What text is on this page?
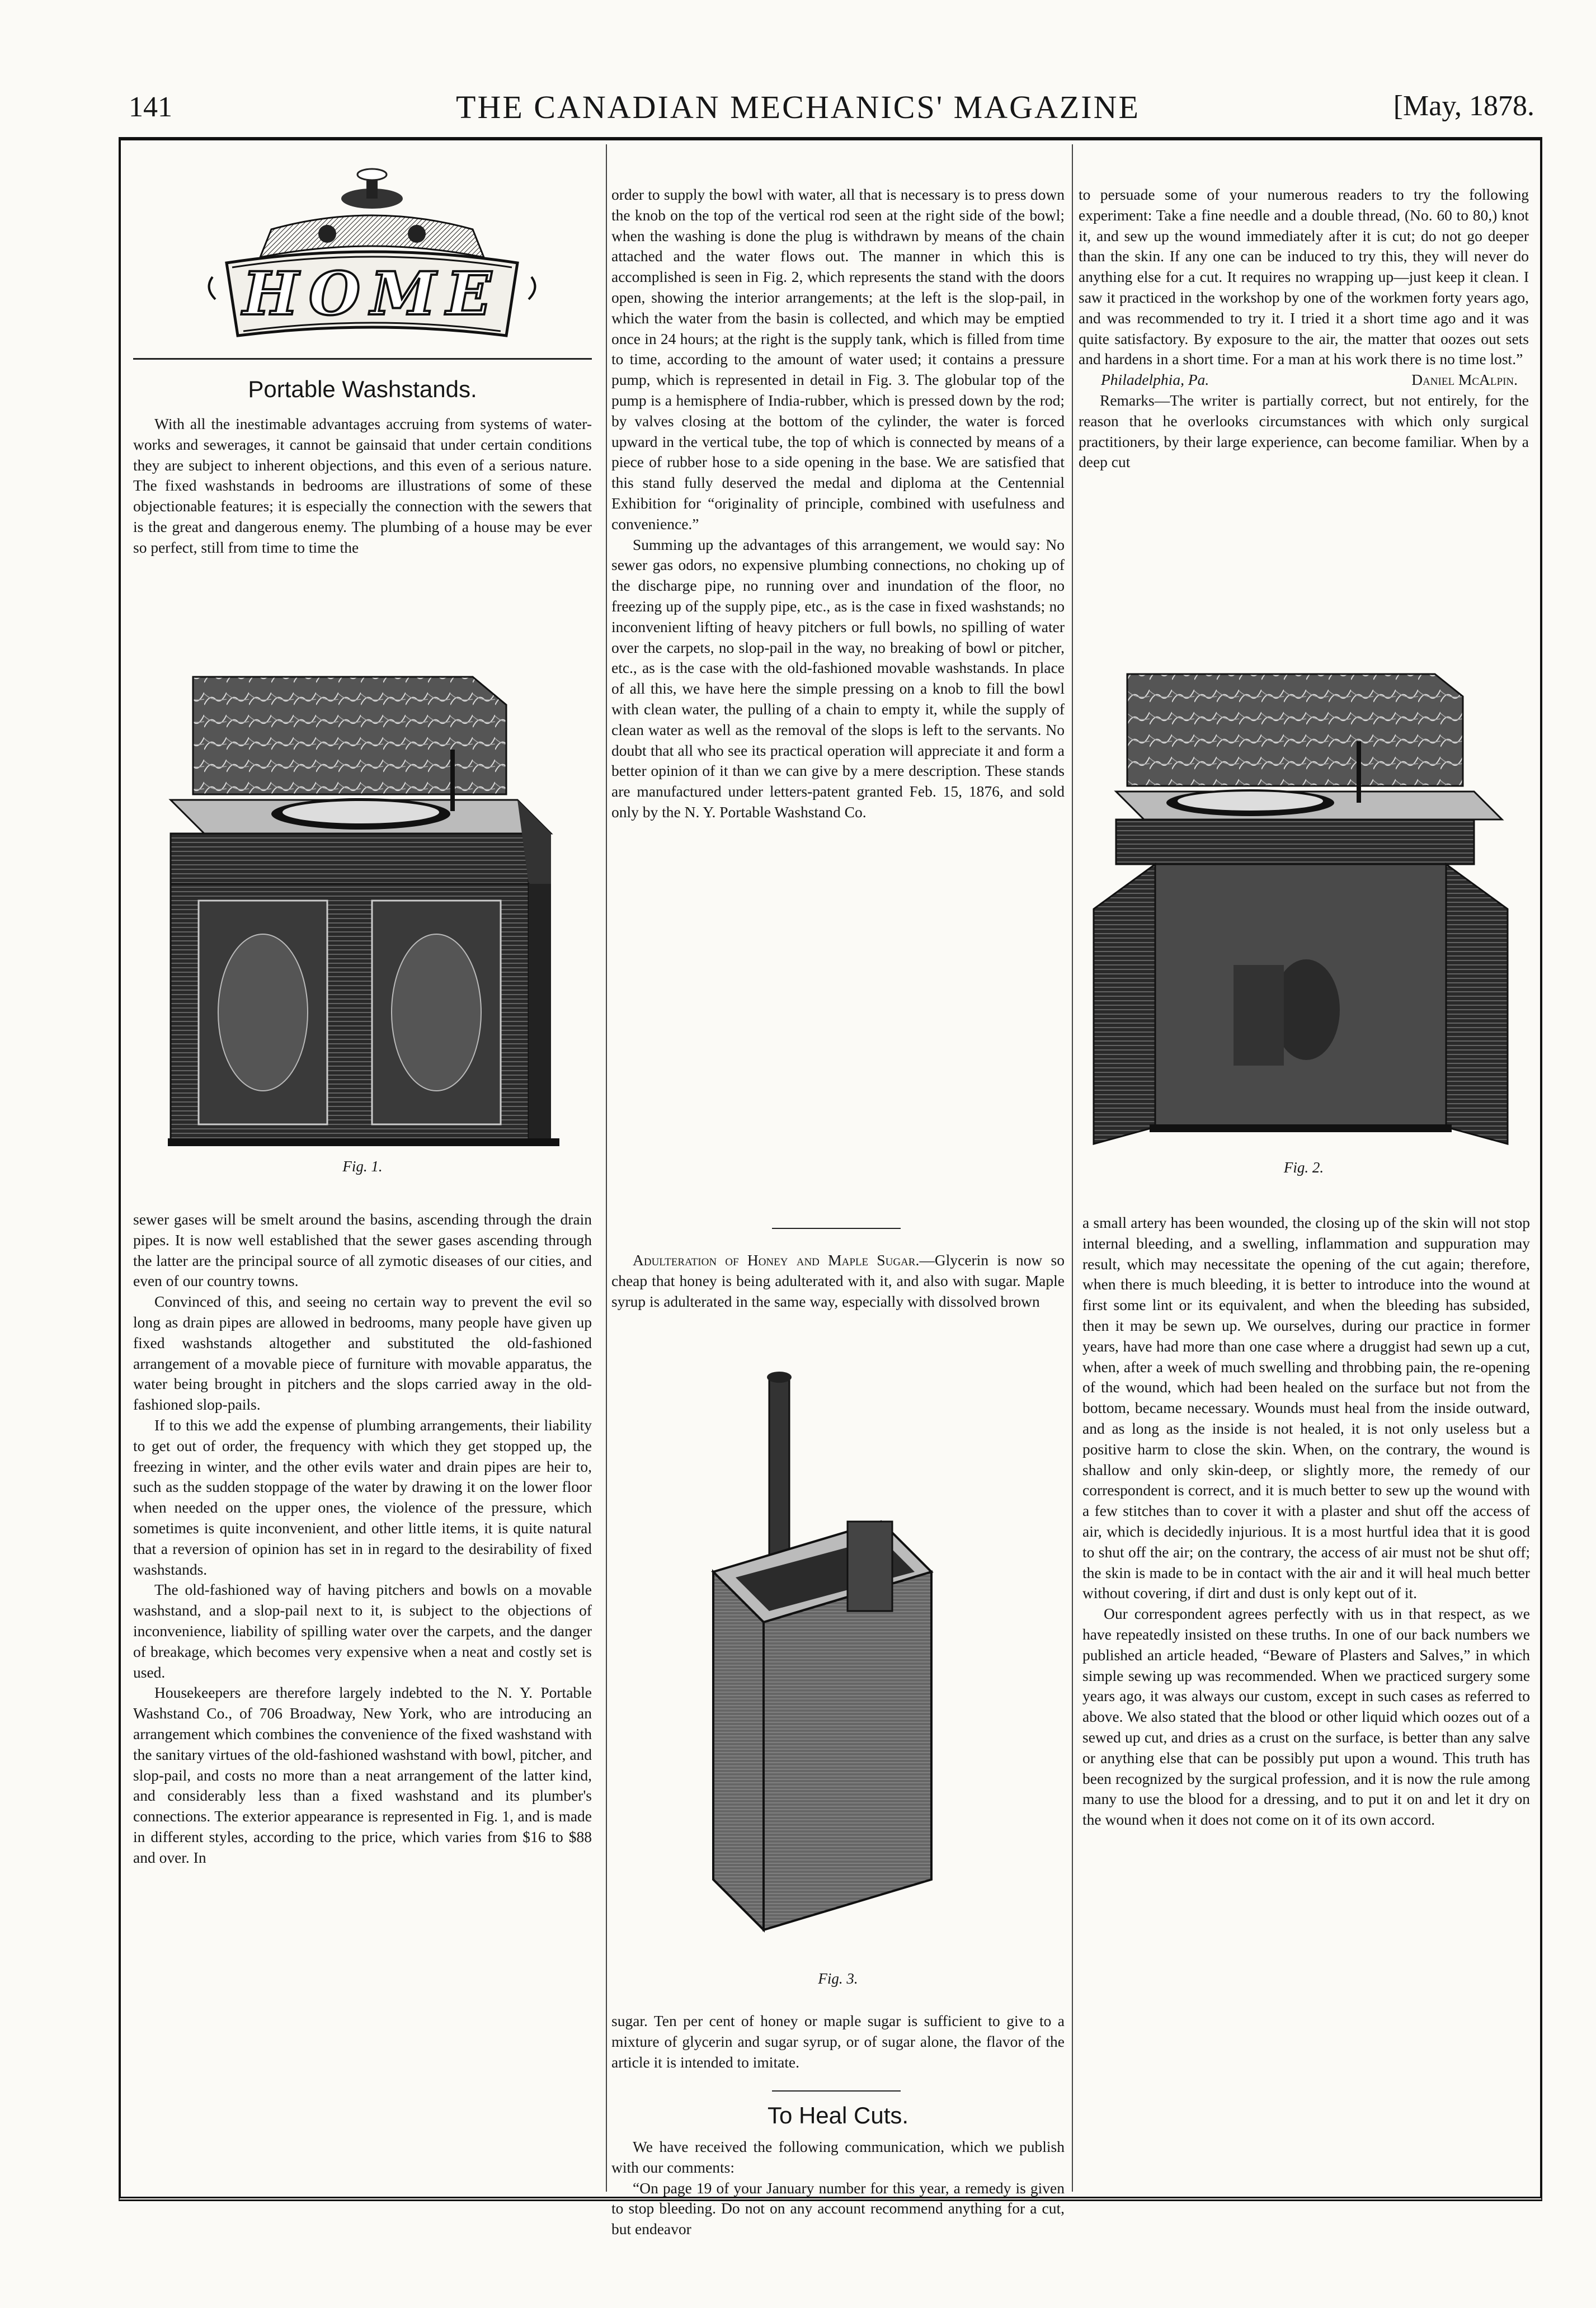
141	THE CANADIAN MECHANICS' MAGAZINE	[May, 1878.
HOME
Portable Washstands.

With all the inestimable advantages accruing from systems of water-works and sewerages, it cannot be gainsaid that under certain conditions they are subject to inherent objections, and this even of a serious nature. The fixed washstands in bedrooms are illustrations of some of these objectionable features; it is especially the connection with the sewers that is the great and dangerous enemy. The plumbing of a house may be ever so perfect, still from time to time the

Fig. 1.

sewer gases will be smelt around the basins, ascending through the drain pipes. It is now well established that the sewer gases ascending through the latter are the principal source of all zymotic diseases of our cities, and even of our country towns.

Convinced of this, and seeing no certain way to prevent the evil so long as drain pipes are allowed in bedrooms, many people have given up fixed washstands altogether and substituted the old-fashioned arrangement of a movable piece of furniture with movable apparatus, the water being brought in pitchers and the slops carried away in the old-fashioned slop-pails.

If to this we add the expense of plumbing arrangements, their liability to get out of order, the frequency with which they get stopped up, the freezing in winter, and the other evils water and drain pipes are heir to, such as the sudden stoppage of the water by drawing it on the lower floor when needed on the upper ones, the violence of the pressure, which sometimes is quite inconvenient, and other little items, it is quite natural that a reversion of opinion has set in in regard to the desirability of fixed washstands.

The old-fashioned way of having pitchers and bowls on a movable washstand, and a slop-pail next to it, is subject to the objections of inconvenience, liability of spilling water over the carpets, and the danger of breakage, which becomes very expensive when a neat and costly set is used.

Housekeepers are therefore largely indebted to the N. Y. Portable Washstand Co., of 706 Broadway, New York, who are introducing an arrangement which combines the convenience of the fixed washstand with the sanitary virtues of the old-fashioned washstand with bowl, pitcher, and slop-pail, and costs no more than a neat arrangement of the latter kind, and considerably less than a fixed washstand and its plumber's connections. The exterior appearance is represented in Fig. 1, and is made in different styles, according to the price, which varies from $16 to $88 and over. In

order to supply the bowl with water, all that is necessary is to press down the knob on the top of the vertical rod seen at the right side of the bowl; when the washing is done the plug is withdrawn by means of the chain attached and the water flows out. The manner in which this is accomplished is seen in Fig. 2, which represents the stand with the doors open, showing the interior arrangements; at the left is the slop-pail, in which the water from the basin is collected, and which may be emptied once in 24 hours; at the right is the supply tank, which is filled from time to time, according to the amount of water used; it contains a pressure pump, which is represented in detail in Fig. 3. The globular top of the pump is a hemisphere of India-rubber, which is pressed down by the rod; by valves closing at the bottom of the cylinder, the water is forced upward in the vertical tube, the top of which is connected by means of a piece of rubber hose to a side opening in the base. We are satisfied that this stand fully deserved the medal and diploma at the Centennial Exhibition for “originality of principle, combined with usefulness and convenience.”

Summing up the advantages of this arrangement, we would say: No sewer gas odors, no expensive plumbing connections, no choking up of the discharge pipe, no running over and inundation of the floor, no freezing up of the supply pipe, etc., as is the case in fixed washstands; no inconvenient lifting of heavy pitchers or full bowls, no spilling of water over the carpets, no slop-pail in the way, no breaking of bowl or pitcher, etc., as is the case with the old-fashioned movable washstands. In place of all this, we have here the simple pressing on a knob to fill the bowl with clean water, the pulling of a chain to empty it, while the supply of clean water as well as the removal of the slops is left to the servants. No doubt that all who see its practical operation will appreciate it and form a better opinion of it than we can give by a mere description. These stands are manufactured under letters-patent granted Feb. 15, 1876, and sold only by the N. Y. Portable Washstand Co.

Adulteration of Honey and Maple Sugar.—Glycerin is now so cheap that honey is being adulterated with it, and also with sugar. Maple syrup is adulterated in the same way, especially with dissolved brown

Fig. 3.

sugar. Ten per cent of honey or maple sugar is sufficient to give to a mixture of glycerin and sugar syrup, or of sugar alone, the flavor of the article it is intended to imitate.

To Heal Cuts.

We have received the following communication, which we publish with our comments:

“On page 19 of your January number for this year, a remedy is given to stop bleeding. Do not on any account recommend anything for a cut, but endeavor

to persuade some of your numerous readers to try the following experiment: Take a fine needle and a double thread, (No. 60 to 80,) knot it, and sew up the wound immediately after it is cut; do not go deeper than the skin. If any one can be induced to try this, they will never do anything else for a cut. It requires no wrapping up—just keep it clean. I saw it practiced in the workshop by one of the workmen forty years ago, and was recommended to try it. I tried it a short time ago and it was quite satisfactory. By exposure to the air, the matter that oozes out sets and hardens in a short time. For a man at his work there is no time lost.”

Philadelphia, Pa.	Daniel McAlpin.

Remarks—The writer is partially correct, but not entirely, for the reason that he overlooks circumstances with which only surgical practitioners, by their large experience, can become familiar. When by a deep cut

Fig. 2.

a small artery has been wounded, the closing up of the skin will not stop internal bleeding, and a swelling, inflammation and suppuration may result, which may necessitate the opening of the cut again; therefore, when there is much bleeding, it is better to introduce into the wound at first some lint or its equivalent, and when the bleeding has subsided, then it may be sewn up. We ourselves, during our practice in former years, have had more than one case where a druggist had sewn up a cut, when, after a week of much swelling and throbbing pain, the re-opening of the wound, which had been healed on the surface but not from the bottom, became necessary. Wounds must heal from the inside outward, and as long as the inside is not healed, it is not only useless but a positive harm to close the skin. When, on the contrary, the wound is shallow and only skin-deep, or slightly more, the remedy of our correspondent is correct, and it is much better to sew up the wound with a few stitches than to cover it with a plaster and shut off the access of air, which is decidedly injurious. It is a most hurtful idea that it is good to shut off the air; on the contrary, the access of air must not be shut off; the skin is made to be in contact with the air and it will heal much better without covering, if dirt and dust is only kept out of it.

Our correspondent agrees perfectly with us in that respect, as we have repeatedly insisted on these truths. In one of our back numbers we published an article headed, “Beware of Plasters and Salves,” in which simple sewing up was recommended. When we practiced surgery some years ago, it was always our custom, except in such cases as referred to above. We also stated that the blood or other liquid which oozes out of a sewed up cut, and dries as a crust on the surface, is better than any salve or anything else that can be possibly put upon a wound. This truth has been recognized by the surgical profession, and it is now the rule among many to use the blood for a dressing, and to put it on and let it dry on the wound when it does not come on it of its own accord.
